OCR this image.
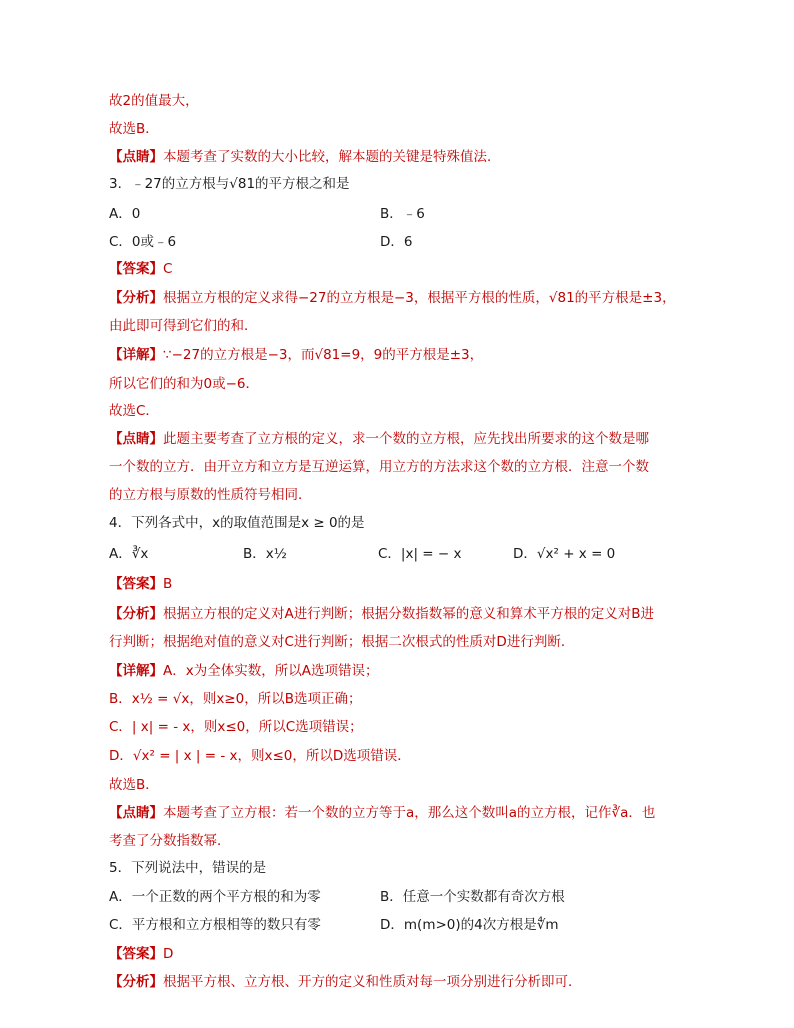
故2的值最大，
故选B．
【点睛】本题考查了实数的大小比较，解本题的关键是特殊值法．
3．﹣27的立方根与√81的平方根之和是
A．0	B．﹣6
C．0或﹣6	D．6
【答案】C
【分析】根据立方根的定义求得−27的立方根是−3，根据平方根的性质，√81的平方根是±3，
由此即可得到它们的和．
【详解】∵−27的立方根是−3，而√81=9，9的平方根是±3，
所以它们的和为0或−6．
故选C．
【点睛】此题主要考查了立方根的定义，求一个数的立方根，应先找出所要求的这个数是哪
一个数的立方．由开立方和立方是互逆运算，用立方的方法求这个数的立方根．注意一个数
的立方根与原数的性质符号相同．
4．下列各式中，x的取值范围是x ≥ 0的是
A．∛x	B．x½	C．|x| = − x	D．√x² + x = 0
【答案】B
【分析】根据立方根的定义对A进行判断；根据分数指数幂的意义和算术平方根的定义对B进
行判断；根据绝对值的意义对C进行判断；根据二次根式的性质对D进行判断．
【详解】A．x为全体实数，所以A选项错误；
B．x½ = √x，则x≥0，所以B选项正确；
C．| x| = - x，则x≤0，所以C选项错误；
D．√x² = | x | = - x，则x≤0，所以D选项错误．
故选B．
【点睛】本题考查了立方根：若一个数的立方等于a，那么这个数叫a的立方根，记作∛a．也
考查了分数指数幂．
5．下列说法中，错误的是
A．一个正数的两个平方根的和为零	B．任意一个实数都有奇次方根
C．平方根和立方根相等的数只有零	D．m(m>0)的4次方根是∜m
【答案】D
【分析】根据平方根、立方根、开方的定义和性质对每一项分别进行分析即可．
